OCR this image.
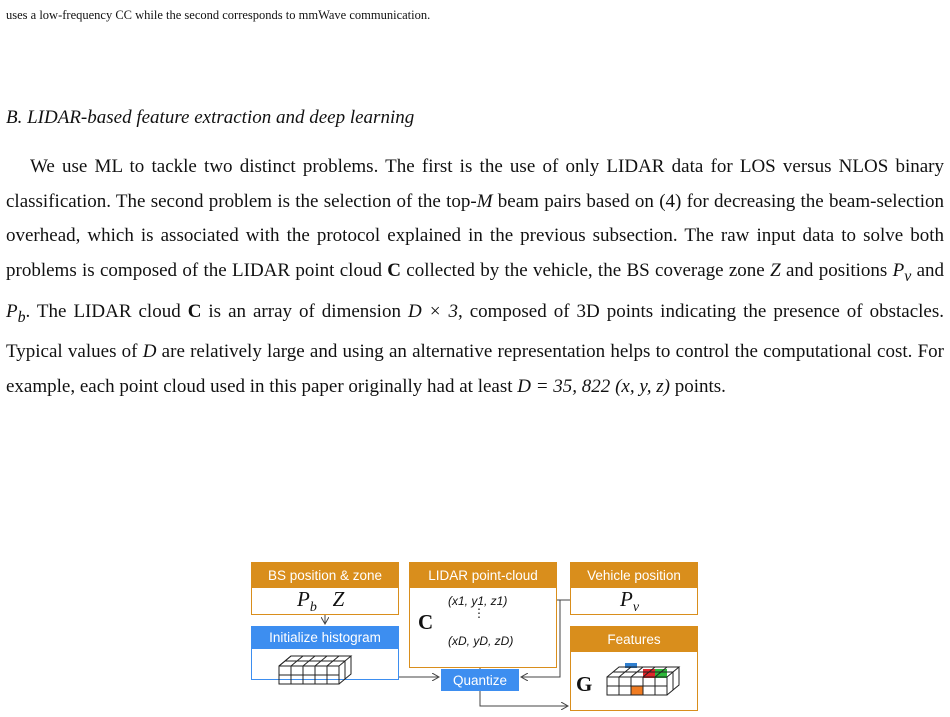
uses a low-frequency CC while the second corresponds to mmWave communication.
B. LIDAR-based feature extraction and deep learning

We use ML to tackle two distinct problems. The first is the use of only LIDAR data for LOS versus NLOS binary classification. The second problem is the selection of the top-M beam pairs based on (4) for decreasing the beam-selection overhead, which is associated with the protocol explained in the previous subsection. The raw input data to solve both problems is composed of the LIDAR point cloud C collected by the vehicle, the BS coverage zone Z and positions $P_v$ and $P_b$. The LIDAR cloud C is an array of dimension D × 3, composed of 3D points indicating the presence of obstacles. Typical values of D are relatively large and using an alternative representation helps to control the computational cost. For example, each point cloud used in this paper originally had at least D = 35, 822 (x, y, z) points.

BS position & zone
$P_b$ Z
LIDAR point-cloud
C
(x1, y1, z1)
⋮
(xD, yD, zD)
Vehicle position
$P_v$
Initialize histogram
Quantize
Features
G
